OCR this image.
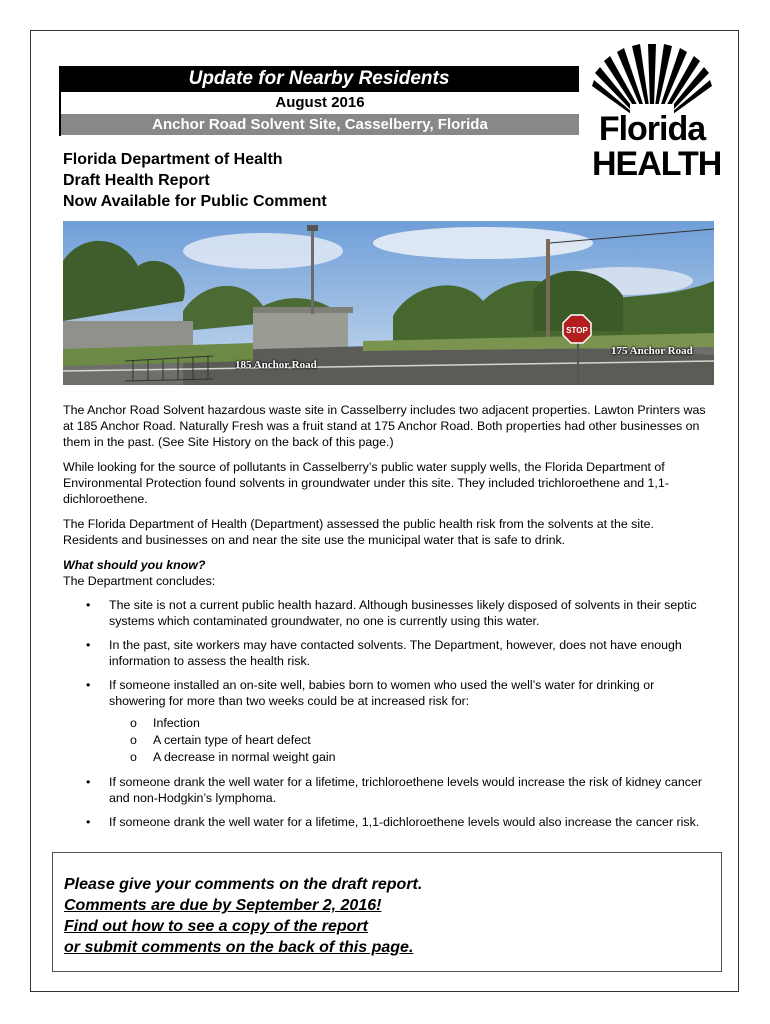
Update for Nearby Residents
August 2016
Anchor Road Solvent Site, Casselberry, Florida	Florida
HEALTH
Florida Department of Health
Draft Health Report
Now Available for Public Comment
STOP
185 Anchor Road
175 Anchor Road

The Anchor Road Solvent hazardous waste site in Casselberry includes two adjacent properties. Lawton Printers was at 185 Anchor Road. Naturally Fresh was a fruit stand at 175 Anchor Road. Both properties had other businesses on them in the past. (See Site History on the back of this page.)

While looking for the source of pollutants in Casselberry’s public water supply wells, the Florida Department of Environmental Protection found solvents in groundwater under this site. They included trichloroethene and 1,1-dichloroethene.

The Florida Department of Health (Department) assessed the public health risk from the solvents at the site. Residents and businesses on and near the site use the municipal water that is safe to drink.

What should you know?
The Department concludes:
• The site is not a current public health hazard. Although businesses likely disposed of solvents in their septic systems which contaminated groundwater, no one is currently using this water.
• In the past, site workers may have contacted solvents. The Department, however, does not have enough information to assess the health risk.
• If someone installed an on-site well, babies born to women who used the well’s water for drinking or showering for more than two weeks could be at increased risk for:
o Infection
o A certain type of heart defect
o A decrease in normal weight gain
• If someone drank the well water for a lifetime, trichloroethene levels would increase the risk of kidney cancer and non-Hodgkin’s lymphoma.
• If someone drank the well water for a lifetime, 1,1-dichloroethene levels would also increase the cancer risk.
Please give your comments on the draft report.
Comments are due by September 2, 2016!
Find out how to see a copy of the report
or submit comments on the back of this page.
